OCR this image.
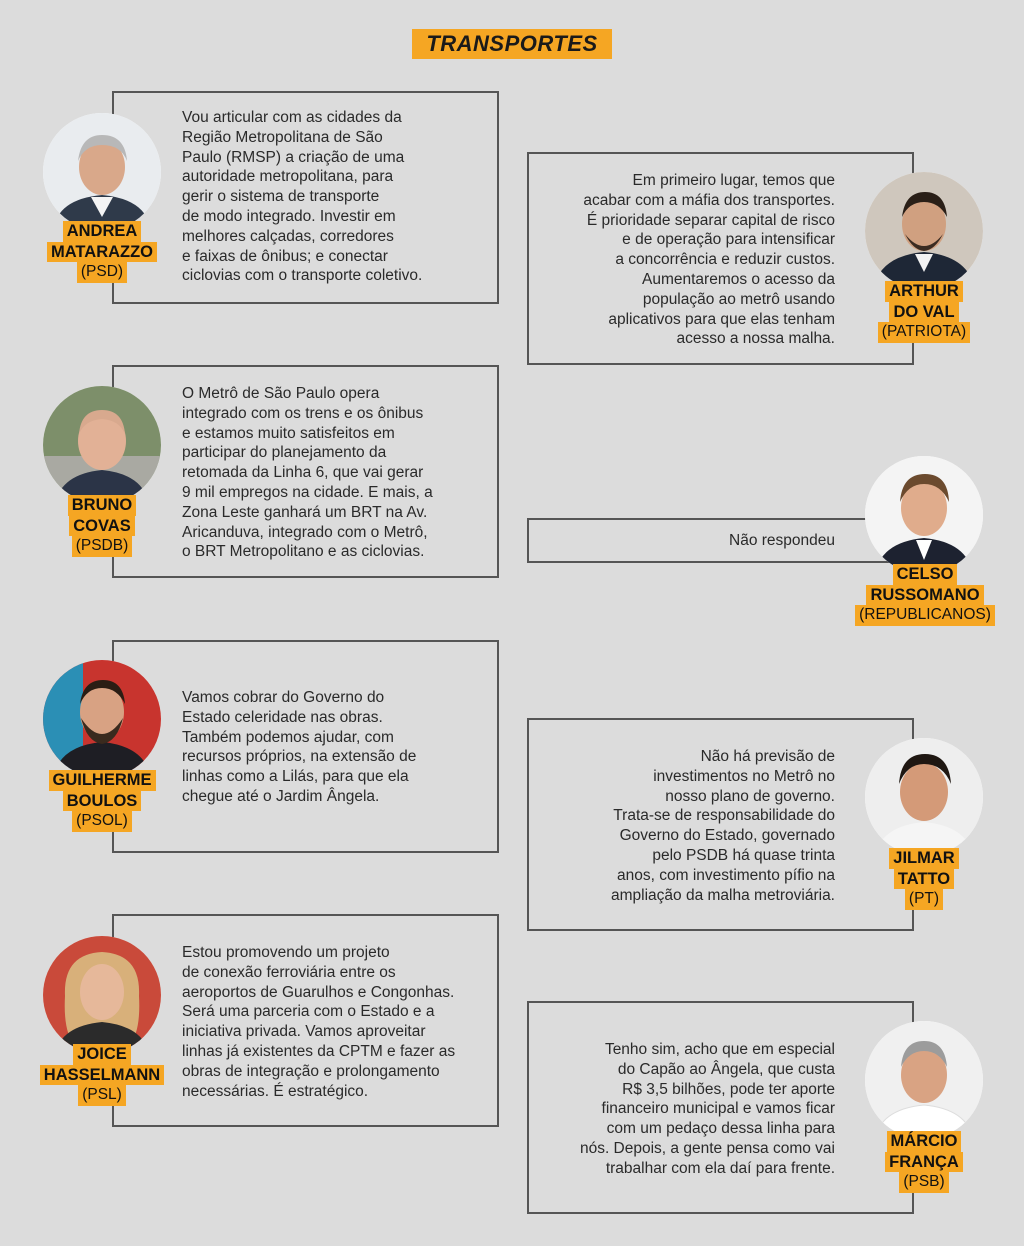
TRANSPORTES
Vou articular com as cidades da
Região Metropolitana de São
Paulo (RMSP) a criação de uma
autoridade metropolitana, para
gerir o sistema de transporte
de modo integrado. Investir em
melhores calçadas, corredores
e faixas de ônibus; e conectar
ciclovias com o transporte coletivo.
ANDREA
MATARAZZO
(PSD)
Em primeiro lugar, temos que
acabar com a máfia dos transportes.
É prioridade separar capital de risco
e de operação para intensificar
a concorrência e reduzir custos.
Aumentaremos o acesso da
população ao metrô usando
aplicativos para que elas tenham
acesso a nossa malha.
ARTHUR
DO VAL
(PATRIOTA)
O Metrô de São Paulo opera
integrado com os trens e os ônibus
e estamos muito satisfeitos em
participar do planejamento da
retomada da Linha 6, que vai gerar
9 mil empregos na cidade. E mais, a
Zona Leste ganhará um BRT na Av.
Aricanduva, integrado com o Metrô,
o BRT Metropolitano e as ciclovias.
BRUNO
COVAS
(PSDB)	Não respondeu
CELSO
RUSSOMANO
(REPUBLICANOS)
Vamos cobrar do Governo do
Estado celeridade nas obras.
Também podemos ajudar, com
recursos próprios, na extensão de
linhas como a Lilás, para que ela
chegue até o Jardim Ângela.
GUILHERME
BOULOS
(PSOL)
Não há previsão de
investimentos no Metrô no
nosso plano de governo.
Trata-se de responsabilidade do
Governo do Estado, governado
pelo PSDB há quase trinta
anos, com investimento pífio na
ampliação da malha metroviária.
JILMAR
TATTO
(PT)
Estou promovendo um projeto
de conexão ferroviária entre os
aeroportos de Guarulhos e Congonhas.
Será uma parceria com o Estado e a
iniciativa privada. Vamos aproveitar
linhas já existentes da CPTM e fazer as
obras de integração e prolongamento
necessárias. É estratégico.
JOICE
HASSELMANN
(PSL)
Tenho sim, acho que em especial
do Capão ao Ângela, que custa
R$ 3,5 bilhões, pode ter aporte
financeiro municipal e vamos ficar
com um pedaço dessa linha para
nós. Depois, a gente pensa como vai
trabalhar com ela daí para frente.
MÁRCIO
FRANÇA
(PSB)
